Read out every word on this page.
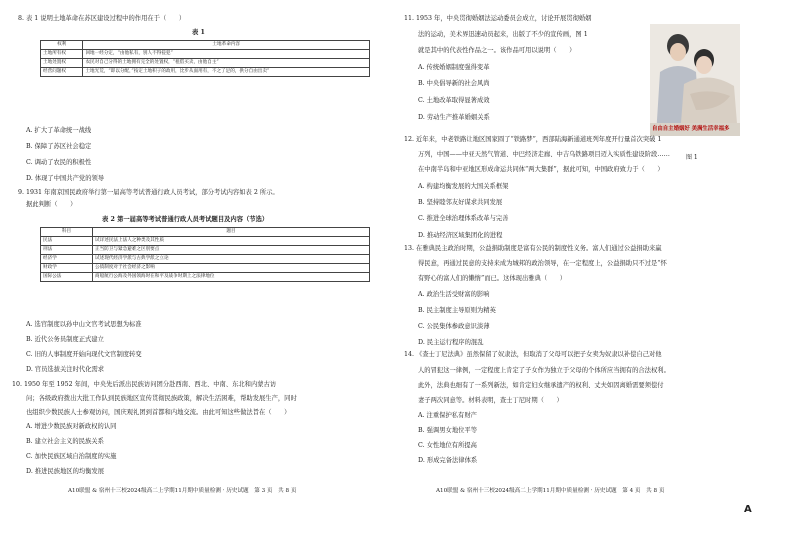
8. 表 1 说明土地革命在苏区建设过程中的作用在于（　　）
表 1
权利	土地革命内容
土地所有权	回地一经分定，“由他私有，别人不得侵犯”
土地处置权	农民对自己分得的土地拥有完全的处置权，“租借买卖，由他自主”
经营问题权	土地光荒，“即以分配，”按定土地积子的政用，比步从面用有，不之了足的，供分自由出卖”
A. 扩大了革命统一战线
B. 保障了苏区社会稳定
C. 调动了农民的积极性
D. 体现了中国共产党的领导
9. 1931 年南京国民政府举行第一届高等考试普通行政人员考试，部分考试内容如表 2 所示。
据此判断（　　）
表 2 第一届高等考试普通行政人员考试题目及内容（节选）
科目	题目
民法	试详述民法上法人之种类及其性质
刑法	正当防卫与紧急避难之区别要点
经济学	试述现代经济学派与古典学派之立论
财政学	公债制度对于社会经济之影响
国际公法	商船航行公海及外国领海时在和平及战争时期上之法律地位
A. 选官制度以孙中山文官考试思想为标准
B. 近代公务员制度正式建立
C. 旧的人事制度开始向现代文官制度转变
D. 官员选拔关注时代化需求
10. 1950 年至 1952 年间，中央先后派出民族访问团分赴西南、西北、中南、东北和内蒙古访
问；各级政府拨出大批工作队到民族地区宣传贯彻民族政策，解决生活困难，帮助发展生产，同时
也组织少数民族人士参观访问，国庆观礼团到首都和内地交流。由此可知这些做法旨在（　　）
A. 增进少数民族对新政权的认同
B. 建立社会主义的民族关系
C. 加快民族区域自治制度的实施
D. 推进民族地区的均衡发展
A10联盟 & 宿州十三校2024级高二上学期11月期中质量检测 · 历史试题　第 3 页　共 8 页
11. 1953 年，中央贯彻婚姻法运动委员会成立，讨论开展贯彻婚姻
法的运动，美术界迅速动员起来，出版了不少的宣传画，图 1
就是其中的代表性作品之一。该作品可用以说明（　　）
A. 传统婚姻制度强得变革
B. 中央倡导新的社会风尚
C. 土地改革取得显著成效
D. 劳动生产推革婚姻关系
自由自主婚姻好 美满生活幸福多
图 1
12. 近年来，中老铁路让地区国家圆了“铁路梦”，西部陆海新通道班列年度开行量首次突破 1
万列，中国——中亚天然气管道、中巴经济走廊、中吉乌铁路项目迈入实质性建设阶段……
在中南半岛和中亚地区形成命运共同体“两大集群”，据此可知，中国政府致力于（　　）
A. 构建均衡发展的大国关系框架
B. 坚持睦邻友好谋求共同发展
C. 推进全球治理体系改革与完善
D. 推动经济区域集团化的进程
13. 在雅典民主政治时期，公益捐助制度是富有公民的制度性义务。富人们通过公益捐助来赢
得民意，再通过民意的支持来成为城邦的政治领导，在一定程度上，公益捐助只不过是“怀
有野心的富人们的懒惰”而已。这体现出雅典（　　）
A. 政治生活受财富的影响
B. 民主制度主导原则为精英
C. 公民集体参政意识淡薄
D. 民主运行程序的混乱
14. 《查士丁尼法典》虽然保留了奴隶法，但取消了父母可以把子女卖为奴隶以补偿自己对他
人的冒犯这一律例，一定程度上肯定了子女作为独立于父母的个体所应当拥有的合法权利。
此外，法典也细有了一系列新法，如肯定妇女继承遗产的权利、丈夫如因离婚需要须偿付
妻子两次同意等。材料表明，查士丁尼时期（　　）
A. 注重保护私有财产
B. 强调男女地位平等
C. 女性地位有所提高
D. 形成完备法律体系
A10联盟 & 宿州十三校2024级高二上学期11月期中质量检测 · 历史试题　第 4 页　共 8 页
A
